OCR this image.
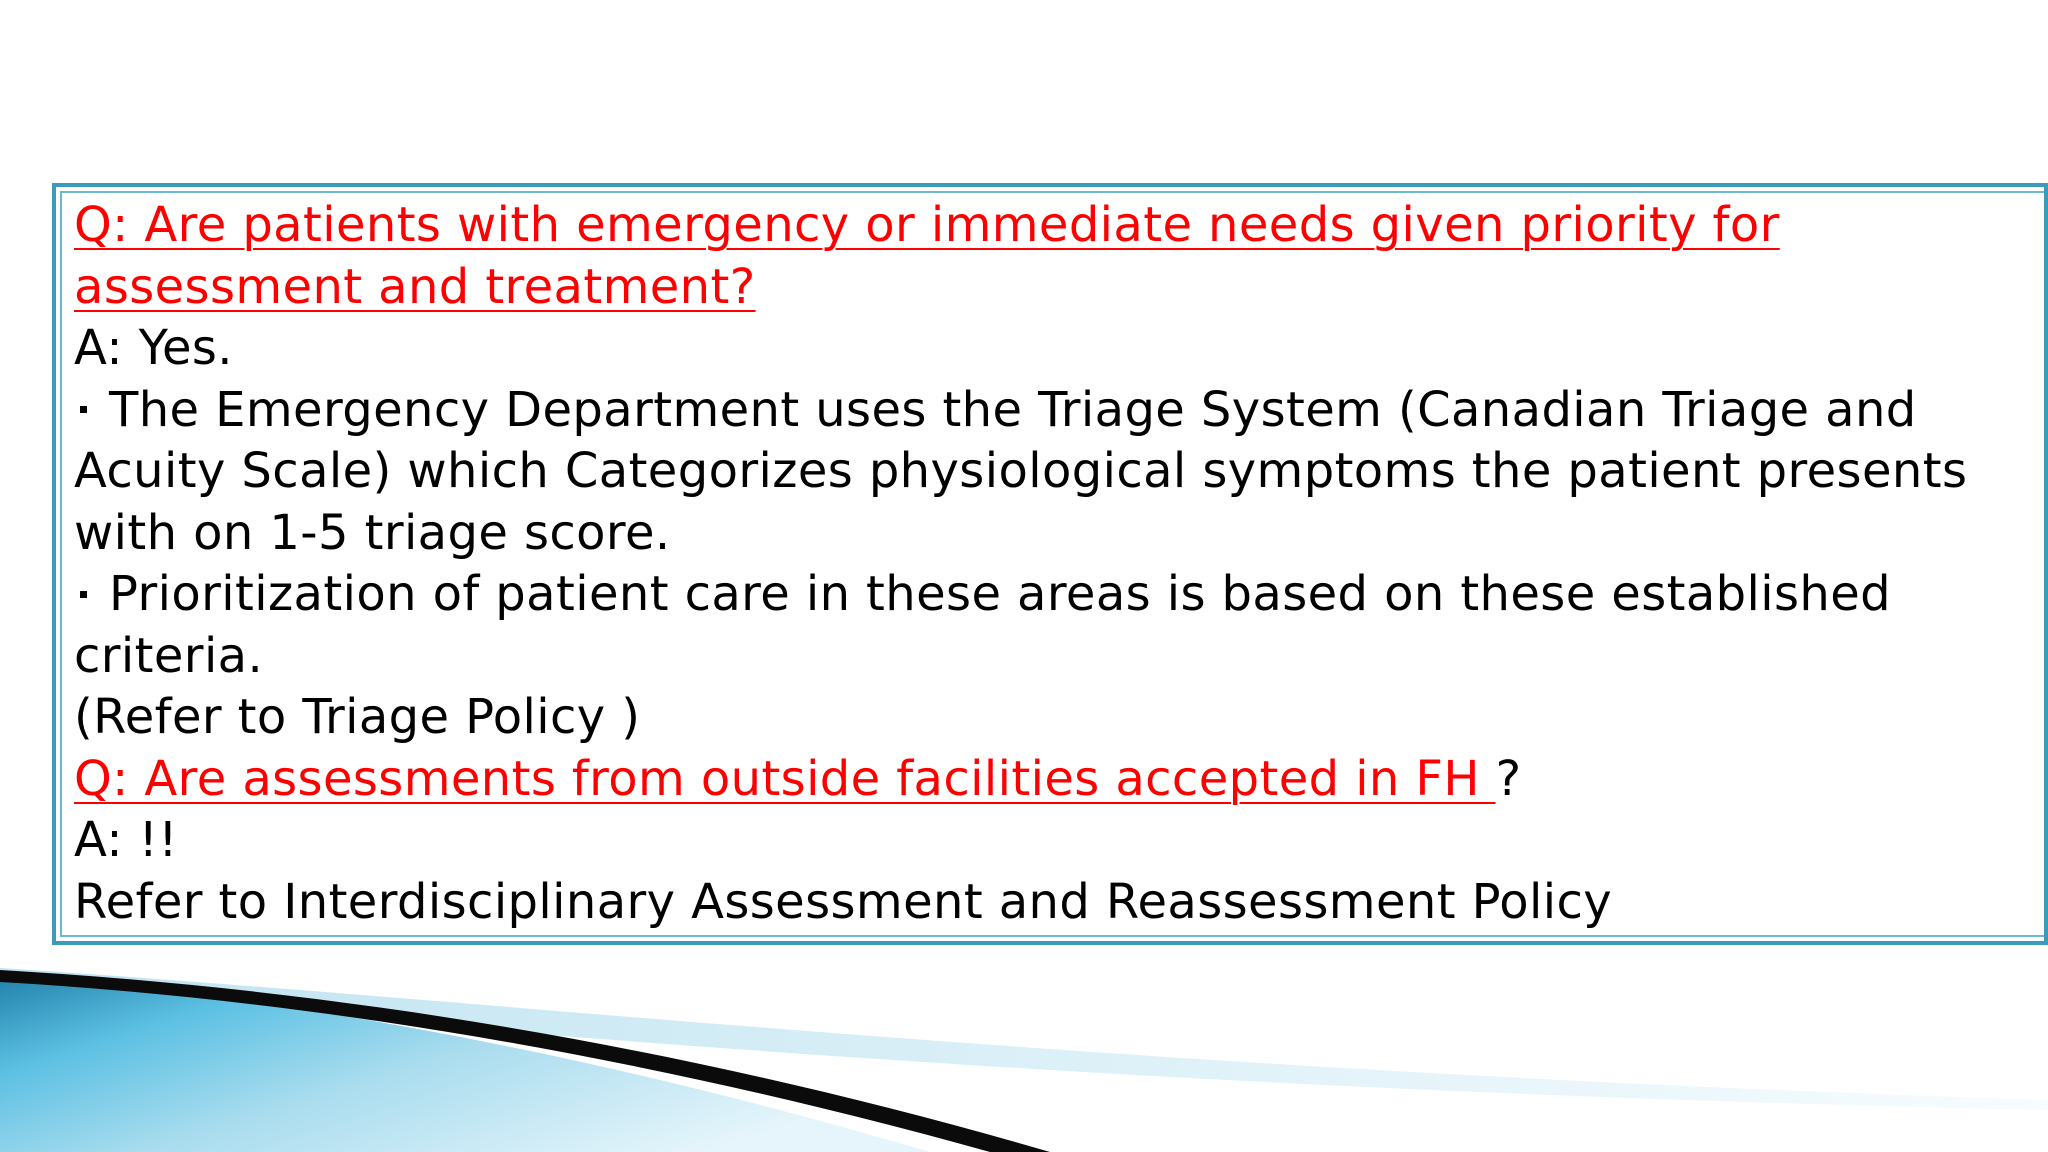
Q: Are patients with emergency or immediate needs given priority for
assessment and treatment?
A: Yes.
The Emergency Department uses the Triage System (Canadian Triage and
Acuity Scale) which Categorizes physiological symptoms the patient presents
with on 1-5 triage score.
Prioritization of patient care in these areas is based on these established
criteria.
(Refer to Triage Policy )
Q: Are assessments from outside facilities accepted in FH ?
A: !!
Refer to Interdisciplinary Assessment and Reassessment Policy
